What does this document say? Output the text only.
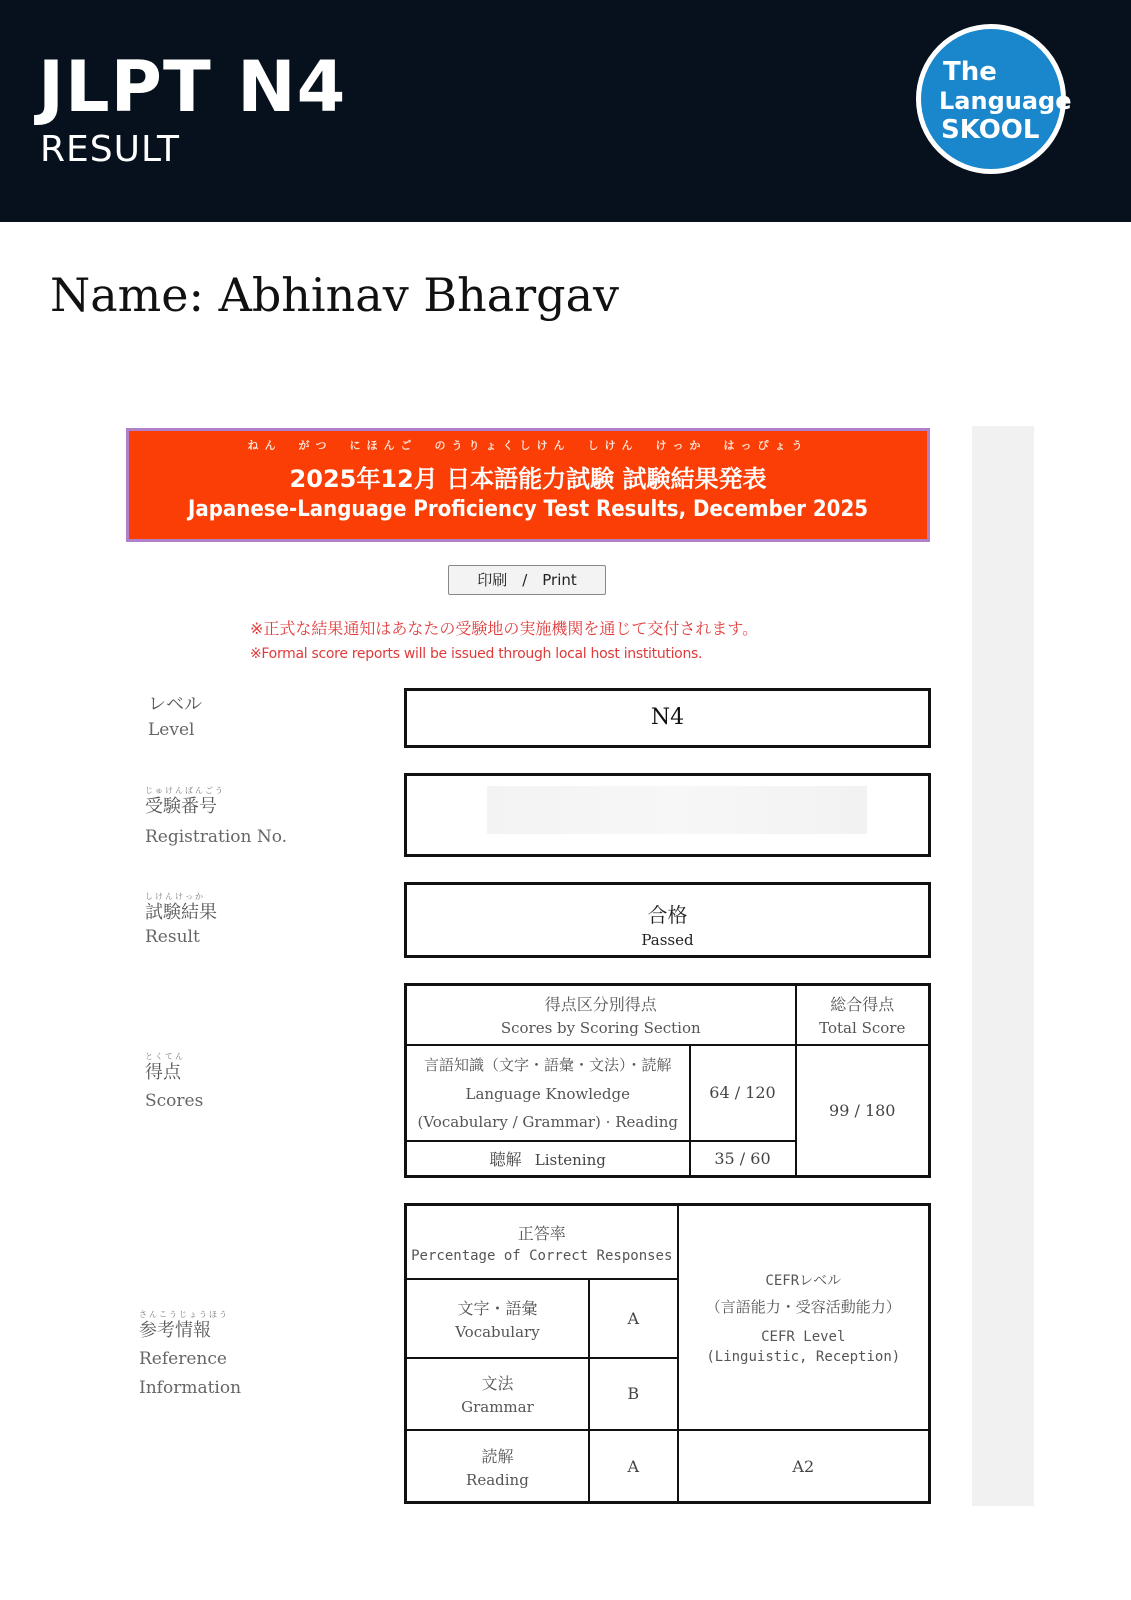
JLPT N4
RESULT
The
Language
SKOOL
Name: Abhinav Bhargav
ねん　がつ　にほんご　のうりょくしけん　しけん　けっか　はっぴょう
2025年12月 日本語能力試験 試験結果発表
Japanese-Language Proficiency Test Results, December 2025
印刷　/　Print
※正式な結果通知はあなたの受験地の実施機関を通じて交付されます。
※Formal score reports will be issued through local host institutions.
レベル
Level
じゅけんばんごう
受験番号
Registration No.
しけんけっか
試験結果
Result
とくてん
得点
Scores
さんこうじょうほう
参考情報
Reference
Information
N4
合格
Passed
得点区分別得点
Scores by Scoring Section		総合得点
Total Score

言語知識（文字・語彙・文法）・読解
Language Knowledge
(Vocabulary / Grammar) · Reading	64 / 120	99 / 180
聴解 Listening	35 / 60	
正答率
Percentage of Correct Responses		CEFRレベル
（言語能力・受容活動能力）
CEFR Level
(Linguistic, Reception)

文字・語彙
Vocabulary	A	

文法
Grammar	B	

読解
Reading	A	A2
